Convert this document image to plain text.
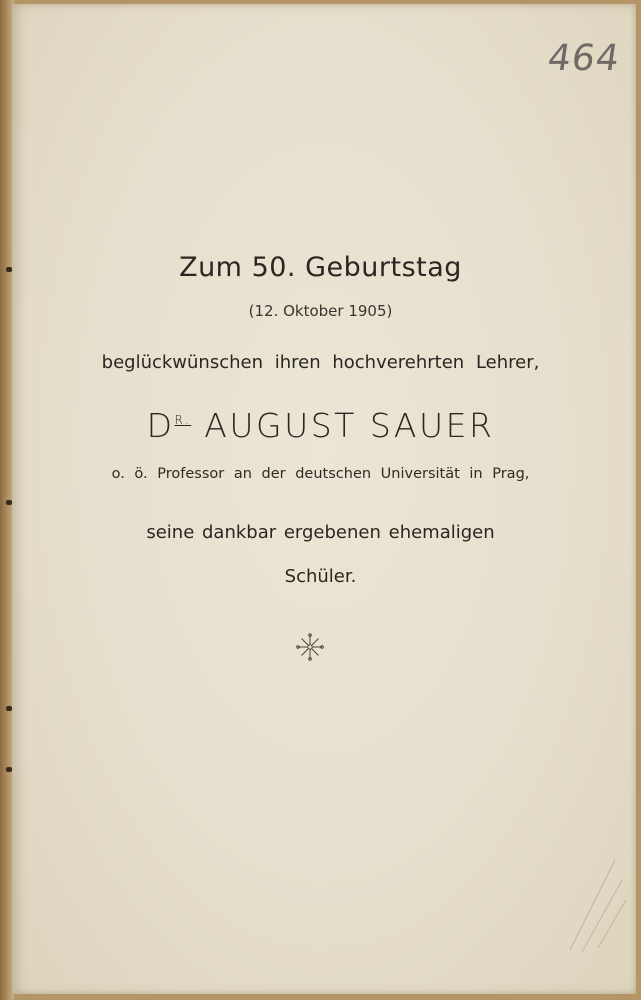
464
Zum 50. Geburtstag
(12. Oktober 1905)
beglückwünschen ihren hochverehrten Lehrer,
$D^{R.}$ AUGUST SAUER
o. ö. Professor an der deutschen Universität in Prag,
seine dankbar ergebenen ehemaligen
Schüler.
